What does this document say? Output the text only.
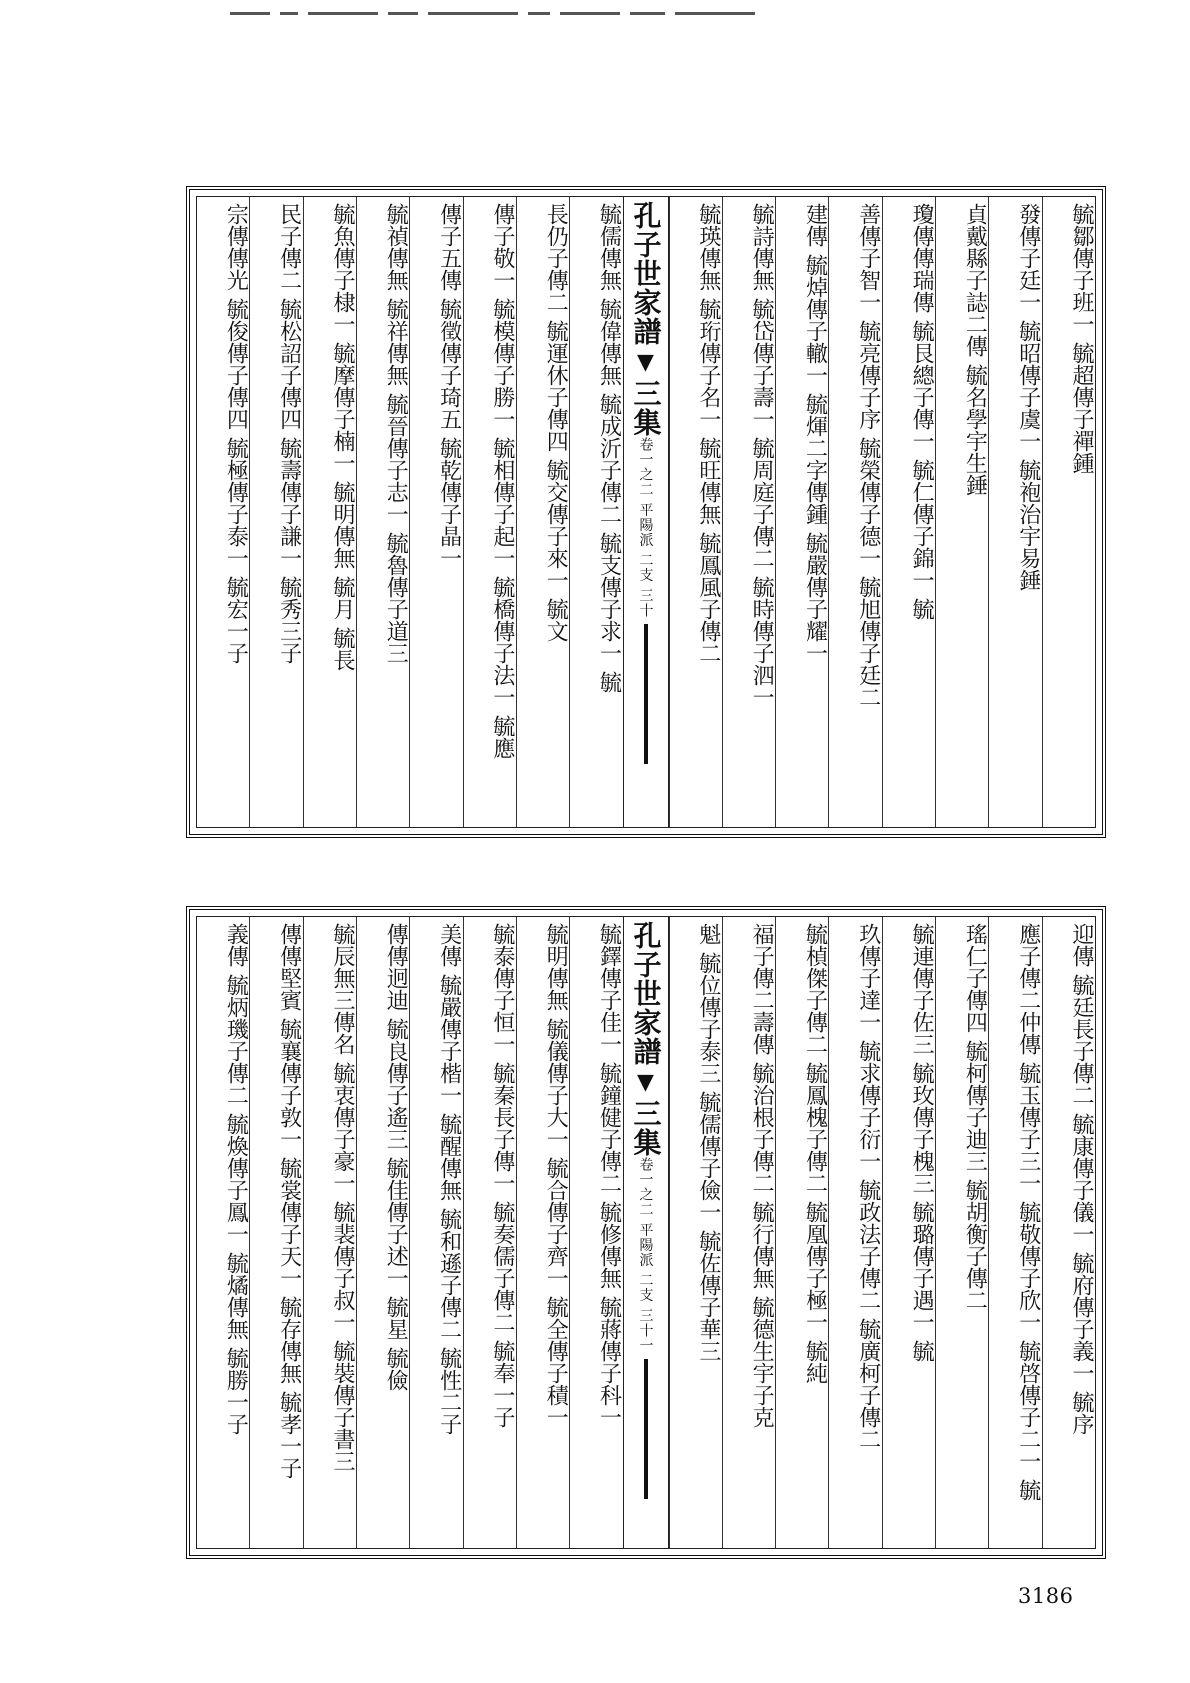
毓鄒傳子班一 毓超傳子禪鍾
發傳子廷一 毓昭傳子虞一 毓袍治宇易錘
貞戴縣子誌二傳 毓名學宇生錘
瓊傳傳瑞傳 毓艮總子傳一 毓仁傳子錦一 毓
善傳子智一 毓亮傳子序 毓榮傳子德一 毓旭傳子廷二
建傳 毓焯傳子轍一 毓煇二字傳鍾 毓嚴傳子耀一
毓詩傳無 毓岱傳子壽一 毓周庭子傳二 毓時傳子泗一
毓瑛傳無 毓珩傳子名一 毓旺傳無 毓鳳風子傳二
孔子世家譜
▼
三集
卷一之二 平陽派 二支 三十
毓儒傳無 毓偉傳無 毓成沂子傳二 毓支傳子求一 毓
長仍子傳二 毓運休子傳四 毓交傳子來一 毓文
傳子敬一 毓模傳子勝一 毓相傳子起一 毓橋傳子法一 毓應
傳子五傳 毓徵傳子琦五 毓乾傳子晶一
毓禎傳無 毓祥傳無 毓晉傳子志一 毓魯傳子道三
毓魚傳子棣一 毓摩傳子楠一 毓明傳無 毓月 毓長
民子傳二 毓松詔子傳四 毓壽傳子謙一 毓秀三子
宗傳傳光 毓俊傳子傳四 毓極傳子泰一 毓宏一子
迎傳 毓廷長子傳二 毓康傳子儀一 毓府傳子義一 毓序
應子傳二仲傳 毓玉傳子三一 毓敬傳子欣一 毓啓傳子二一 毓
瑤仁子傳四 毓柯傳子迪三 毓胡衡子傳二
毓連傳子佐三 毓玫傳子槐三 毓璐傳子遇一 毓
玖傳子達一 毓求傳子衍一 毓政法子傳二 毓廣柯子傳二
毓楨傑子傳二 毓鳳槐子傳二 毓凰傳子極一 毓純
福子傳二壽傳 毓治根子傳二 毓行傳無 毓德生宇子克
魁 毓位傳子泰三 毓儒傳子儉一 毓佐傳子華三
孔子世家譜
▼
三集
卷一之二 平陽派 二支 三十一
毓鐸傳子佳一 毓鐘健子傳二 毓修傳無 毓蔣傳子科一
毓明傳無 毓儀傳子大一 毓合傳子齊一 毓全傳子積一
毓泰傳子恒一 毓秦長子傳一 毓奏儒子傳二 毓奉一子
美傳 毓嚴傳子楷一 毓醒傳無 毓和遜子傳二 毓性二子
傳傳迥迪 毓良傳子遙三 毓佳傳子述一 毓星 毓儉
毓辰無三傳名 毓衷傳子豪一 毓裴傳子叔一 毓裝傳子書三
傳傳堅賓 毓襄傳子敦一 毓裳傳子天一 毓存傳無 毓孝一子
義傳 毓炳璣子傳二 毓煥傳子鳳一 毓燏傳無 毓勝一子
3186
